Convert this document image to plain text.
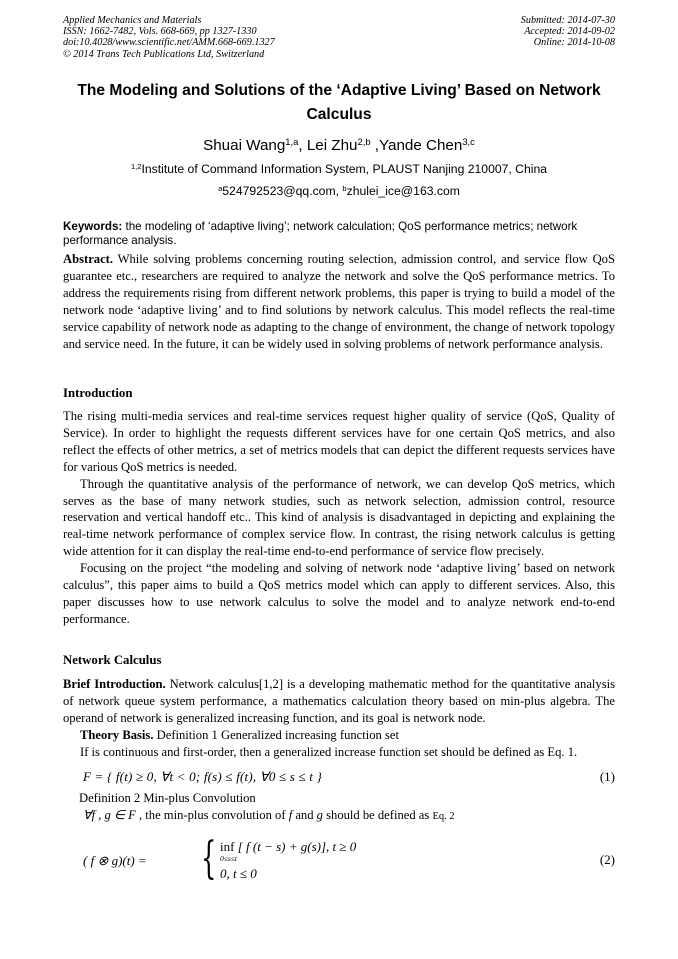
Applied Mechanics and Materials
ISSN: 1662-7482, Vols. 668-669, pp 1327-1330
doi:10.4028/www.scientific.net/AMM.668-669.1327
© 2014 Trans Tech Publications Ltd, Switzerland
Submitted: 2014-07-30
Accepted: 2014-09-02
Online: 2014-10-08
The Modeling and Solutions of the ‘Adaptive Living’ Based on Network Calculus
Shuai Wang$^{1,a}$, Lei Zhu$^{2,b}$ ,Yande Chen$^{3,c}$
$^{1,2}$Institute of Command Information System, PLAUST Nanjing 210007, China
$^a$524792523@qq.com, $^b$zhulei_ice@163.com
Keywords: the modeling of ‘adaptive living’; network calculation; QoS performance metrics; network performance analysis.
Abstract. While solving problems concerning routing selection, admission control, and service flow QoS guarantee etc., researchers are required to analyze the network and solve the QoS performance metrics. To address the requirements rising from different network problems, this paper is trying to build a model of the network node ‘adaptive living’ and to find solutions by network calculus. This model reflects the real-time service capability of network node as adapting to the change of environment, the change of network topology and service need. In the future, it can be widely used in solving problems of network performance analysis.
Introduction

The rising multi-media services and real-time services request higher quality of service (QoS, Quality of Service). In order to highlight the requests different services have for one certain QoS metrics, and also reflect the effects of other metrics, a set of metrics models that can depict the different requests services have for various QoS metrics is needed.

Through the quantitative analysis of the performance of network, we can develop QoS metrics, which serves as the base of many network studies, such as network selection, admission control, resource reservation and vertical handoff etc.. This kind of analysis is disadvantaged in depicting and explaining the real-time network performance of complex service flow. In contrast, the rising network calculus is getting wide attention for it can display the real-time end-to-end performance of service flow precisely.

Focusing on the project “the modeling and solving of network node ‘adaptive living’ based on network calculus”, this paper aims to build a QoS metrics model which can apply to different services. Also, this paper discusses how to use network calculus to solve the model and to analyze network end-to-end performance.

Network Calculus

Brief Introduction. Network calculus[1,2] is a developing mathematic method for the quantitative analysis of network queue system performance, a mathematics calculation theory based on min-plus algebra. The operand of network is generalized increasing function, and its goal is network node.

Theory Basis. Definition 1 Generalized increasing function set

If is continuous and first-order, then a generalized increase function set should be defined as Eq. 1.

F = { f(t) ≥ 0, ∀t < 0; f(s) ≤ f(t), ∀0 ≤ s ≤ t }	(1)
Definition 2 Min-plus Convolution
∀f , g ∈ F , the min-plus convolution of f and g should be defined as Eq. 2
( f ⊗ g)(t) = { inf [ f (t − s) + g(s)], t ≥ 0
0≤s≤t
0, t ≤ 0
(2)
